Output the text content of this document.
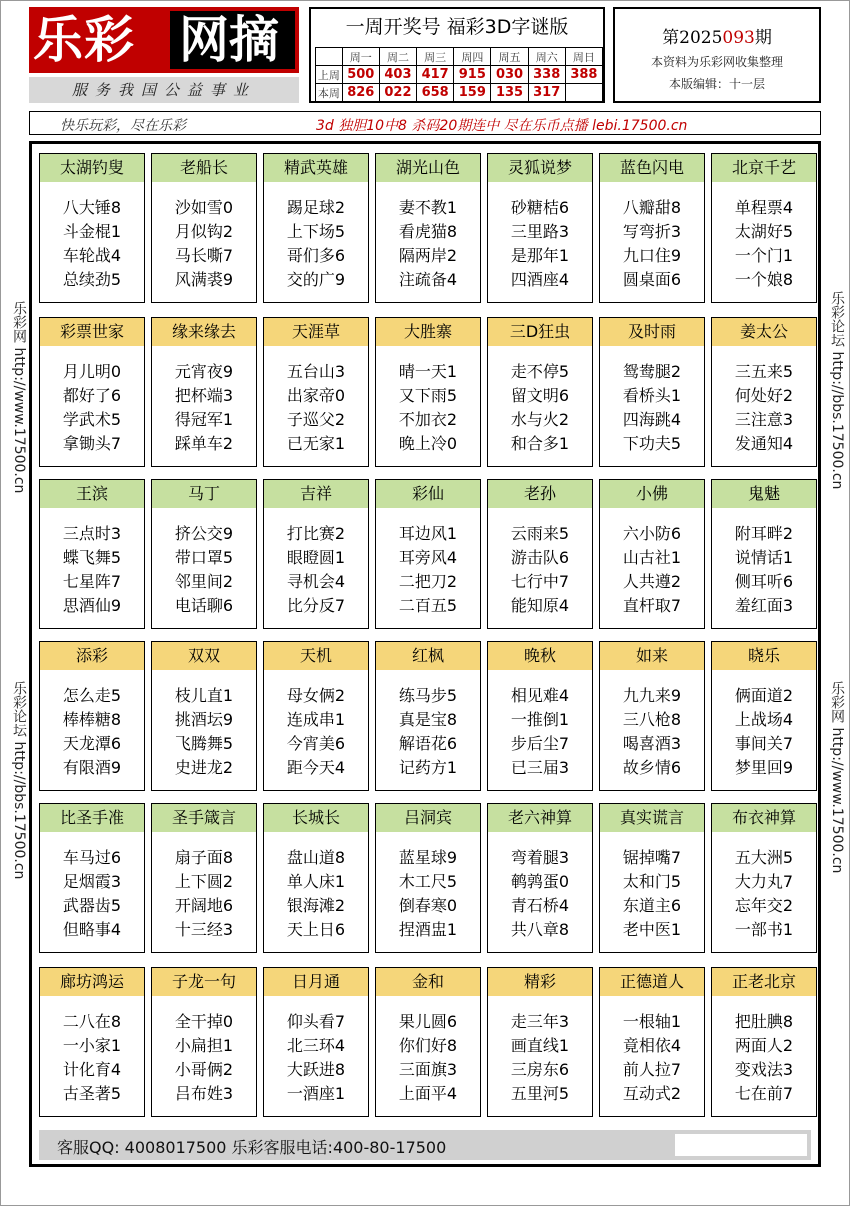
乐彩 网摘
服务我国公益事业
一周开奖号 福彩3D字谜版
	周一	周二	周三	周四	周五	周六	周日
上周	500	403	417	915	030	338	388
本周	826	022	658	159	135	317	
第2025093期
本资料为乐彩网收集整理
本版编辑：十一层
快乐玩彩，尽在乐彩	3d 独胆10中8 杀码20期连中 尽在乐币点播 lebi.17500.cn
乐彩网 http://www.17500.cn
乐彩论坛 http://bbs.17500.cn
乐彩论坛 http://bbs.17500.cn
乐彩网 http://www.17500.cn
太湖钓叟
八大锤8
斗金棍1
车轮战4
总续劲5
老船长
沙如雪0
月似钩2
马长嘶7
风满裘9
精武英雄
踢足球2
上下场5
哥们多6
交的广9
湖光山色
妻不教1
看虎猫8
隔两岸2
注疏备4
灵狐说梦
砂糖桔6
三里路3
是那年1
四酒座4
蓝色闪电
八瓣甜8
写弯折3
九口住9
圆桌面6
北京千艺
单程票4
太湖好5
一个门1
一个娘8
彩票世家
月儿明0
都好了6
学武术5
拿锄头7
缘来缘去
元宵夜9
把杯端3
得冠军1
踩单车2
天涯草
五台山3
出家帝0
子巡父2
已无家1
大胜寨
晴一天1
又下雨5
不加衣2
晚上冷0
三D狂虫
走不停5
留文明6
水与火2
和合多1
及时雨
鸳鸯腿2
看桥头1
四海跳4
下功夫5
姜太公
三五来5
何处好2
三注意3
发通知4
王滨
三点时3
蝶飞舞5
七星阵7
思酒仙9
马丁
挤公交9
带口罩5
邻里间2
电话聊6
吉祥
打比赛2
眼瞪圆1
寻机会4
比分反7
彩仙
耳边风1
耳旁风4
二把刀2
二百五5
老孙
云雨来5
游击队6
七行中7
能知原4
小佛
六小防6
山古社1
人共遵2
直杆取7
鬼魅
附耳畔2
说情话1
侧耳听6
羞红面3
添彩
怎么走5
棒棒糖8
天龙潭6
有限酒9
双双
枝儿直1
挑酒坛9
飞腾舞5
史进龙2
天机
母女俩2
连成串1
今宵美6
距今天4
红枫
练马步5
真是宝8
解语花6
记药方1
晚秋
相见难4
一推倒1
步后尘7
已三届3
如来
九九来9
三八枪8
喝喜酒3
故乡情6
晓乐
俩面道2
上战场4
事间关7
梦里回9
比圣手准
车马过6
足烟霞3
武器齿5
但略事4
圣手箴言
扇子面8
上下圆2
开阔地6
十三经3
长城长
盘山道8
单人床1
银海滩2
天上日6
吕洞宾
蓝星球9
木工尺5
倒春寒0
捏酒盅1
老六神算
弯着腿3
鹌鹑蛋0
青石桥4
共八章8
真实谎言
锯掉嘴7
太和门5
东道主6
老中医1
布衣神算
五大洲5
大力丸7
忘年交2
一部书1
廊坊鸿运
二八在8
一小家1
计化育4
古圣著5
子龙一句
全干掉0
小扁担1
小哥俩2
吕布姓3
日月通
仰头看7
北三环4
大跃进8
一酒座1
金和
果儿圆6
你们好8
三面旗3
上面平4
精彩
走三年3
画直线1
三房东6
五里河5
正德道人
一根轴1
竟相依4
前人拉7
互动式2
正老北京
把肚腆8
两面人2
变戏法3
七在前7
客服QQ: 4008017500 乐彩客服电话:400-80-17500
